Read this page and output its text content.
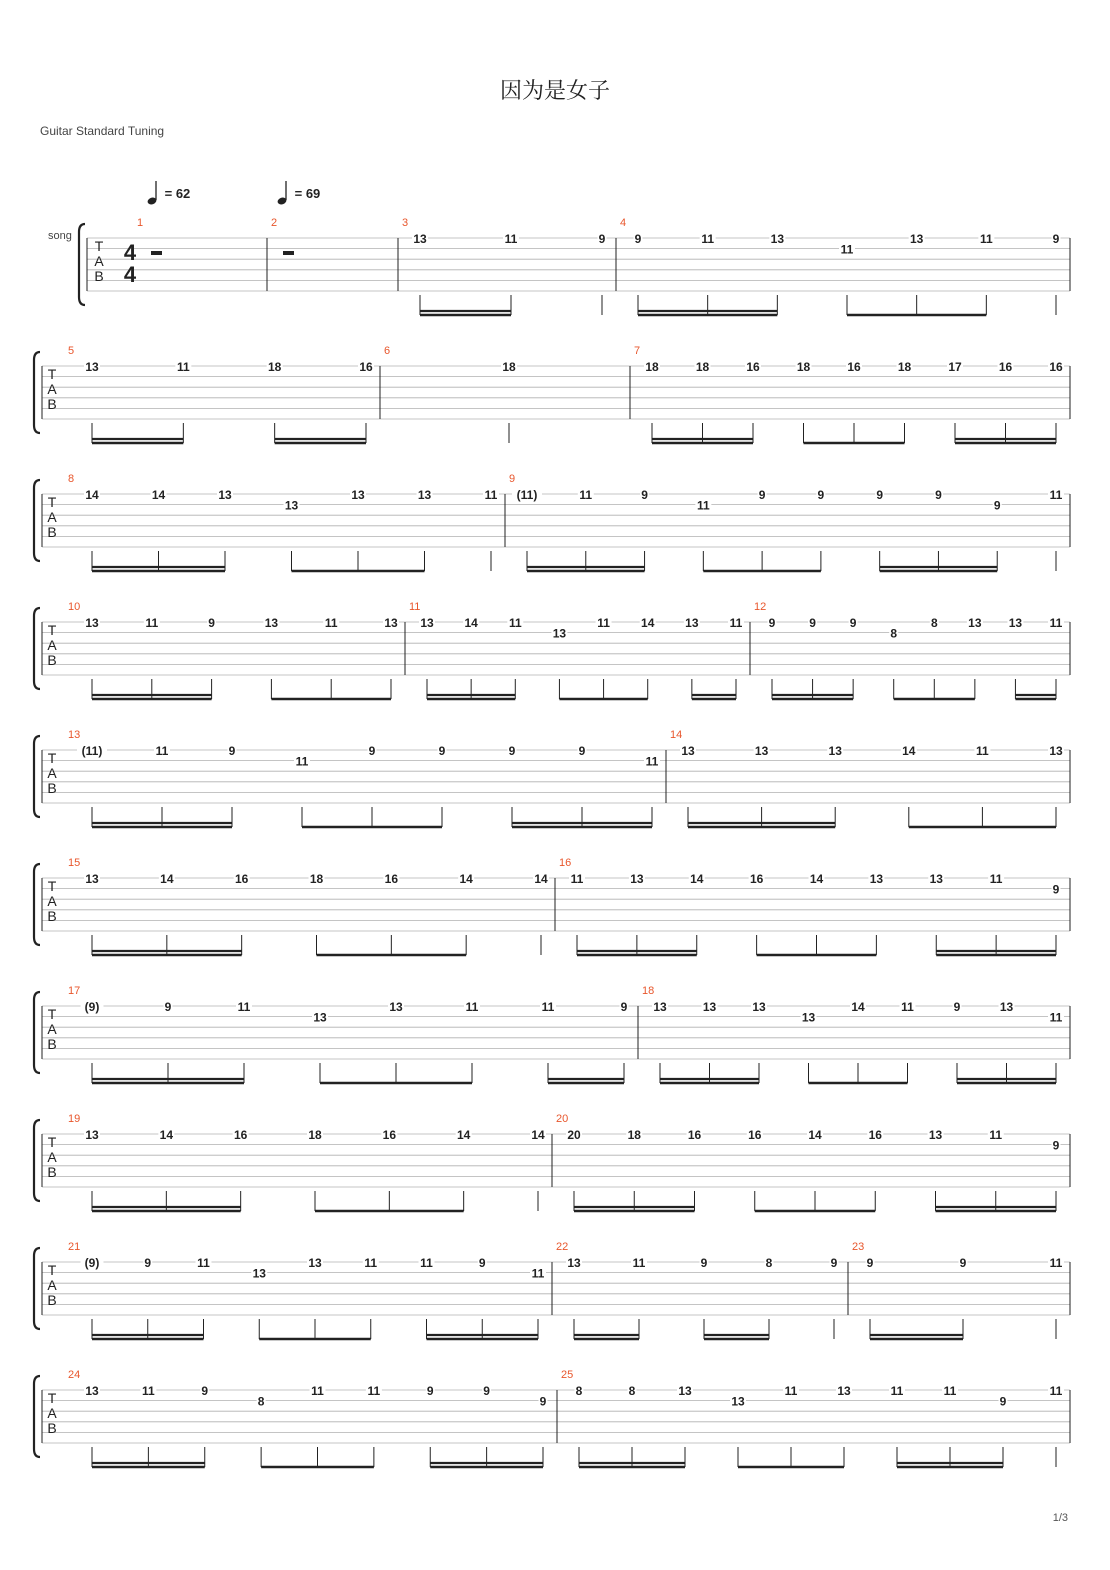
因为是女子
Guitar Standard Tuning
= 62	= 69
song
T
A
B
4
4
1	2	3
13	11	9
4
9	11	13
11
13	11	9
T
A
B
5
13	11	18	16
6
18
7
18	18	16	18	16	18	17	16	16
T
A
B
8
14	14	13
13
13	13	11
9
(11)	11	9
11
9	9	9	9
9
11
T
A
B
10
13	11	9	13	11	13
11
13	14	11
13
11	14	13	11
12
9	9	9
8
8	13 13 11
T
A
B
13
(11)	11	9
11
9	9	9	9
11
14
13	13	13	14	11	13
T
A
B
15
13	14	16	18	16	14	14
16
11	13	14	16	14	13	13	11
9
T
A
B
17
(9)	9	11
13
13	11	11	9
18
13	13	13
13
14	11	9	13
11
T
A
B
19
13	14	16	18	16	14	14
20
20	18	16	16	14	16	13	11
9
T
A
B
21
(9)	9	11
13
13	11	11	9
11
22
13	11	9	8	9
23
9	9	11
T
A
B
24
13	11	9
8
11	11	9	9
9
25
8	8	13
13
11	13	11	11
9
11
1/3
